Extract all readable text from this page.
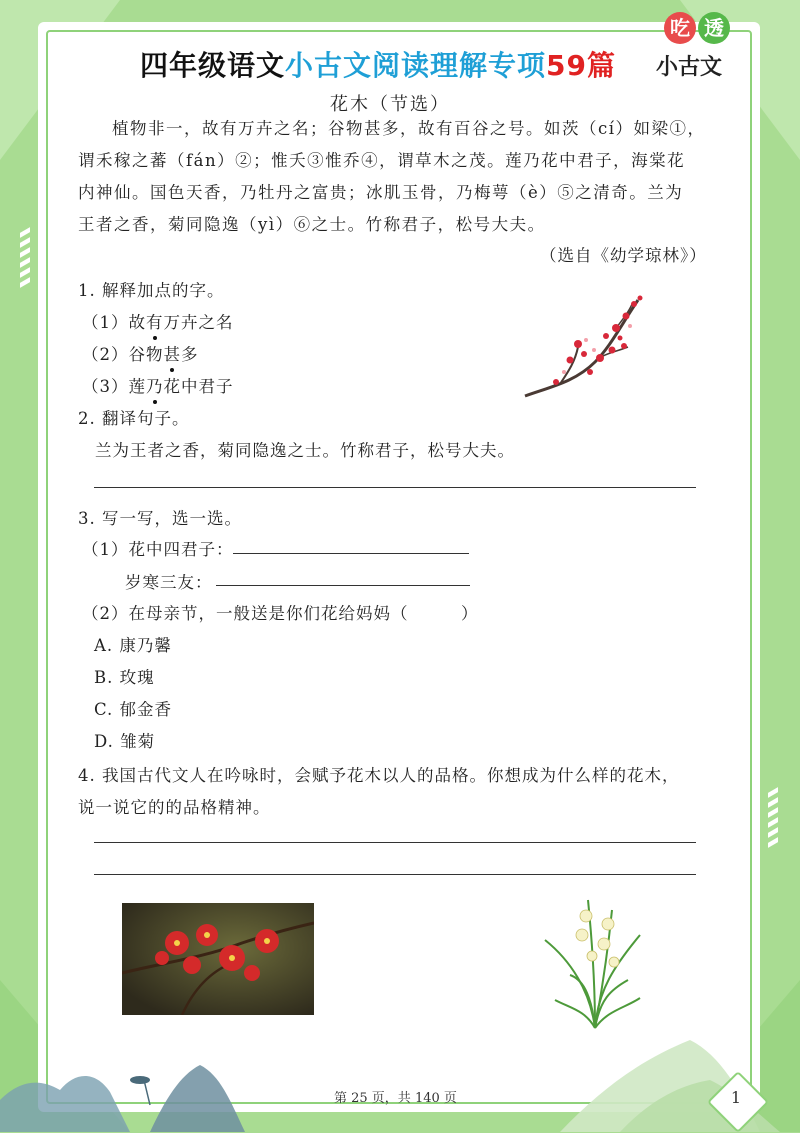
四年级语文小古文阅读理解专项59篇
吃 透
小古文
花木（节选）

植物非一，故有万卉之名；谷物甚多，故有百谷之号。如茨（cí）如梁①，

谓禾稼之蕃（fán）②；惟夭③惟乔④，谓草木之茂。莲乃花中君子，海棠花

内神仙。国色天香，乃牡丹之富贵；冰肌玉骨，乃梅萼（è）⑤之清奇。兰为

王者之香，菊同隐逸（yì）⑥之士。竹称君子，松号大夫。

（选自《幼学琼林》）
1. 解释加点的字。
（1）故有万卉之名
（2）谷物甚多
（3）莲乃花中君子
2. 翻译句子。
兰为王者之香，菊同隐逸之士。竹称君子，松号大夫。
3. 写一写，选一选。
（1）花中四君子：
岁寒三友：
（2）在母亲节，一般送是你们花给妈妈（　　　）
A. 康乃馨
B. 玫瑰
C. 郁金香
D. 雏菊
4. 我国古代文人在吟咏时，会赋予花木以人的品格。你想成为什么样的花木，
说一说它的的品格精神。
第 25 页，共 140 页	1
